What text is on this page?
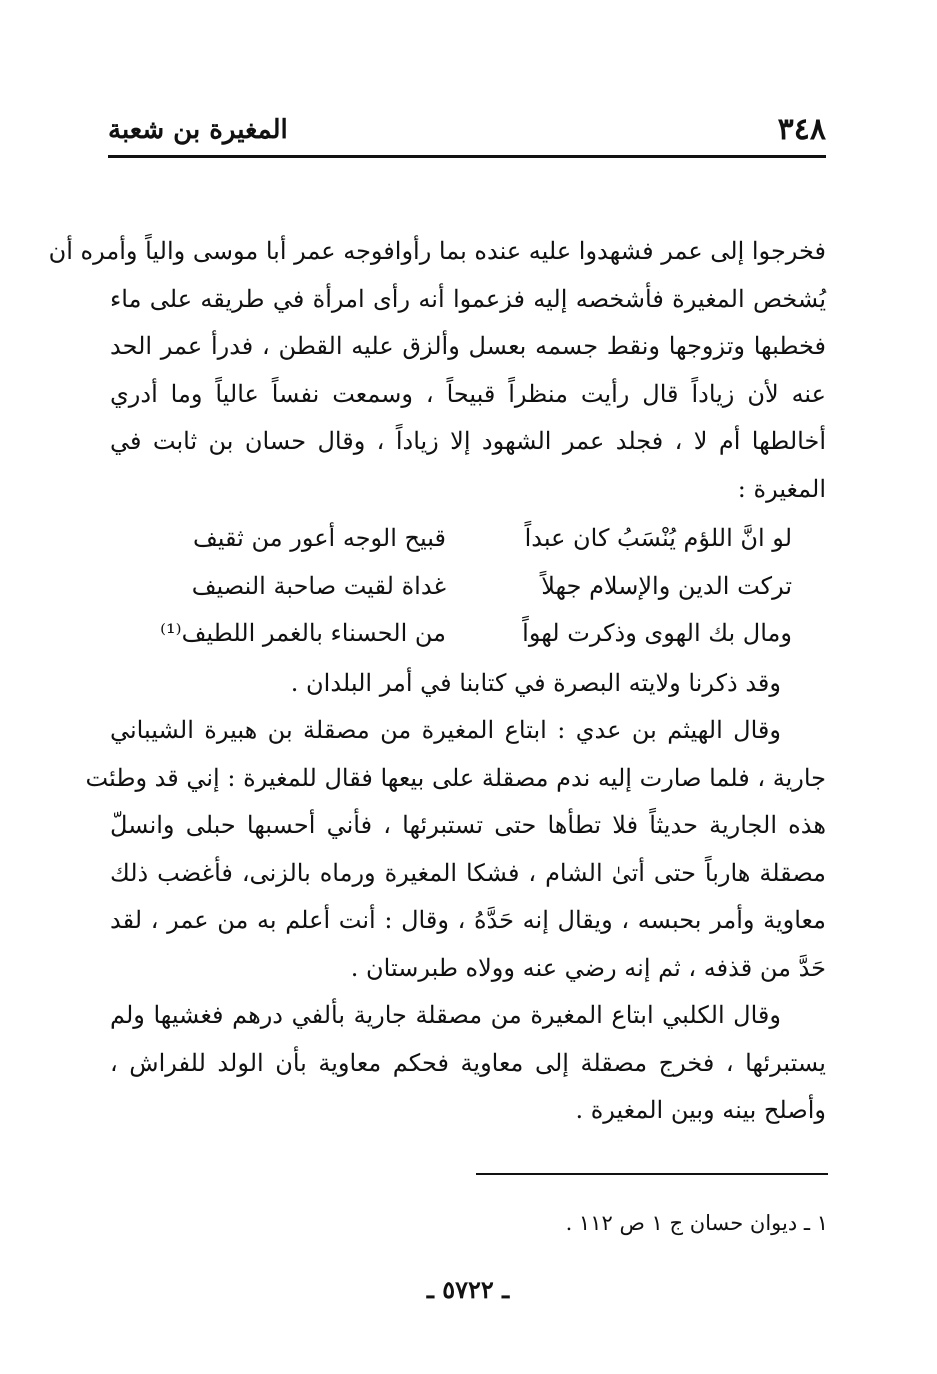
٣٤٨
المغيرة بن شعبة

فخرجوا إلى عمر فشهدوا عليه عنده بما رأوافوجه عمر أبا موسى والياً وأمره أن
يُشخص المغيرة فأشخصه إليه فزعموا أنه رأى امرأة في طريقه على ماء
فخطبها وتزوجها ونقط جسمه بعسل وألزق عليه القطن ، فدرأ عمر الحد
عنه لأن زياداً قال رأيت منظراً قبيحاً ، وسمعت نفساً عالياً وما أدري
أخالطها أم لا ، فجلد عمر الشهود إلا زياداً ، وقال حسان بن ثابت في
المغيرة :

لو انَّ اللؤم يُنْسَبُ كان عبداً
قبيح الوجه أعور من ثقيف
تركت الدين والإسلام جهلاً
غداة لقيت صاحبة النصيف
ومال بك الهوى وذكرت لهواً
من الحسناء بالغمر اللطيف⁽¹⁾

وقد ذكرنا ولايته البصرة في كتابنا في أمر البلدان .

وقال الهيثم بن عدي : ابتاع المغيرة من مصقلة بن هبيرة الشيباني
جارية ، فلما صارت إليه ندم مصقلة على بيعها فقال للمغيرة : إني قد وطئت
هذه الجارية حديثاً فلا تطأها حتى تستبرئها ، فأني أحسبها حبلى وانسلّ
مصقلة هارباً حتى أتىٰ الشام ، فشكا المغيرة ورماه بالزنى، فأغضب ذلك
معاوية وأمر بحبسه ، ويقال إنه حَدَّهُ ، وقال : أنت أعلم به من عمر ، لقد
حَدَّ من قذفه ، ثم إنه رضي عنه وولاه طبرستان .

وقال الكلبي ابتاع المغيرة من مصقلة جارية بألفي درهم فغشيها ولم
يستبرئها ، فخرج مصقلة إلى معاوية فحكم معاوية بأن الولد للفراش ،
وأصلح بينه وبين المغيرة .

١ ـ ديوان حسان ج ١ ص ١١٢ .
ـ ٥٧٢٢ ـ
